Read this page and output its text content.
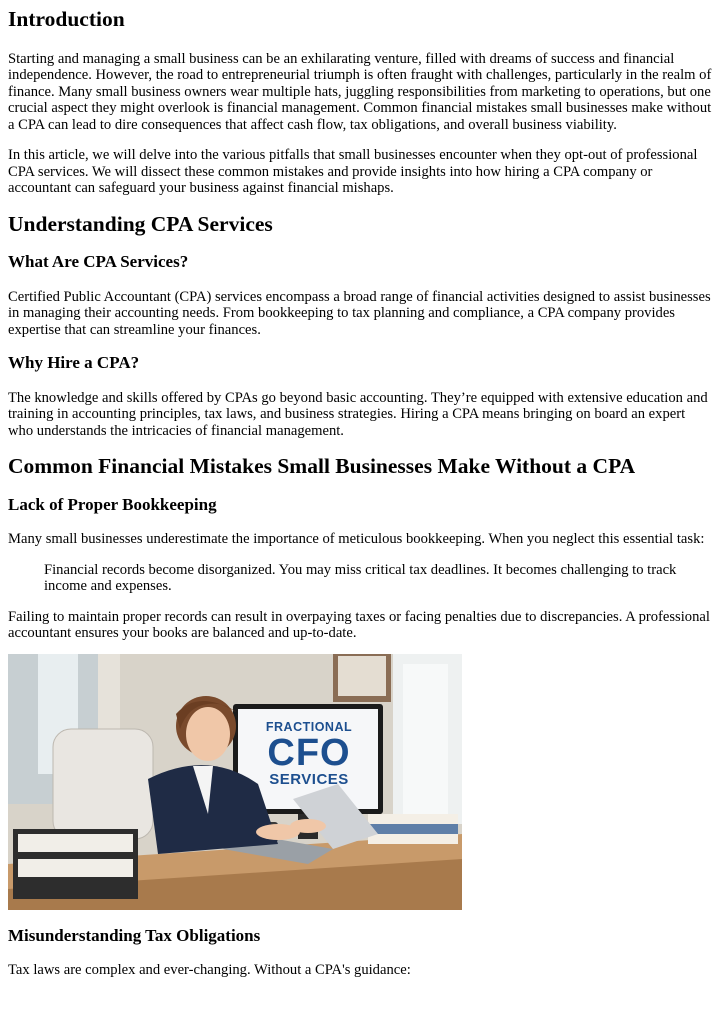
Introduction

Starting and managing a small business can be an exhilarating venture, filled with dreams of success and financial independence. However, the road to entrepreneurial triumph is often fraught with challenges, particularly in the realm of finance. Many small business owners wear multiple hats, juggling responsibilities from marketing to operations, but one crucial aspect they might overlook is financial management. Common financial mistakes small businesses make without a CPA can lead to dire consequences that affect cash flow, tax obligations, and overall business viability.

In this article, we will delve into the various pitfalls that small businesses encounter when they opt-out of professional CPA services. We will dissect these common mistakes and provide insights into how hiring a CPA company or accountant can safeguard your business against financial mishaps.

Understanding CPA Services
What Are CPA Services?

Certified Public Accountant (CPA) services encompass a broad range of financial activities designed to assist businesses in managing their accounting needs. From bookkeeping to tax planning and compliance, a CPA company provides expertise that can streamline your finances.

Why Hire a CPA?

The knowledge and skills offered by CPAs go beyond basic accounting. They’re equipped with extensive education and training in accounting principles, tax laws, and business strategies. Hiring a CPA means bringing on board an expert who understands the intricacies of financial management.

Common Financial Mistakes Small Businesses Make Without a CPA
Lack of Proper Bookkeeping

Many small businesses underestimate the importance of meticulous bookkeeping. When you neglect this essential task:

Financial records become disorganized. You may miss critical tax deadlines. It becomes challenging to track income and expenses.

Failing to maintain proper records can result in overpaying taxes or facing penalties due to discrepancies. A professional accountant ensures your books are balanced and up-to-date.

FRACTIONAL
CFO
SERVICES
Misunderstanding Tax Obligations

Tax laws are complex and ever-changing. Without a CPA's guidance:
